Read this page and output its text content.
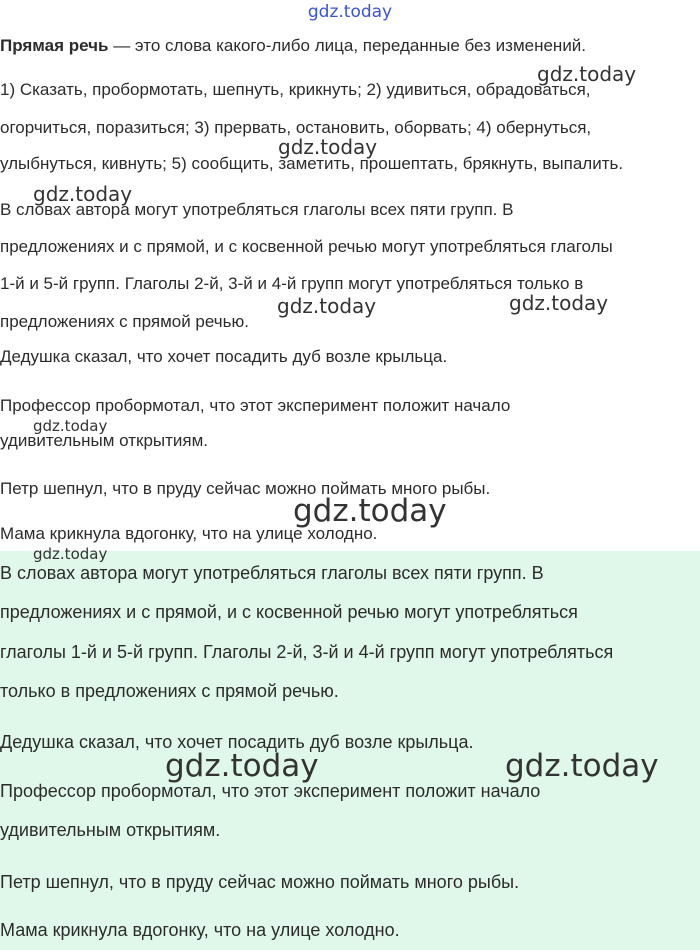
gdz.today

Прямая речь — это слова какого-либо лица, переданные без изменений.

1) Сказать, пробормотать, шепнуть, крикнуть; 2) удивиться, обрадоваться,

огорчиться, поразиться; 3) прервать, остановить, оборвать; 4) обернуться,

улыбнуться, кивнуть; 5) сообщить, заметить, прошептать, брякнуть, выпалить.

В словах автора могут употребляться глаголы всех пяти групп. В

предложениях и с прямой, и с косвенной речью могут употребляться глаголы

1-й и 5-й групп. Глаголы 2-й, 3-й и 4-й групп могут употребляться только в

предложениях с прямой речью.

Дедушка сказал, что хочет посадить дуб возле крыльца.

Профессор пробормотал, что этот эксперимент положит начало

удивительным открытиям.

Петр шепнул, что в пруду сейчас можно поймать много рыбы.

Мама крикнула вдогонку, что на улице холодно.

В словах автора могут употребляться глаголы всех пяти групп. В

предложениях и с прямой, и с косвенной речью могут употребляться

глаголы 1-й и 5-й групп. Глаголы 2-й, 3-й и 4-й групп могут употребляться

только в предложениях с прямой речью.

Дедушка сказал, что хочет посадить дуб возле крыльца.

Профессор пробормотал, что этот эксперимент положит начало

удивительным открытиям.

Петр шепнул, что в пруду сейчас можно поймать много рыбы.

Мама крикнула вдогонку, что на улице холодно.

gdz.today
gdz.today
gdz.today
gdz.today	gdz.today
gdz.today
gdz.today
gdz.today
gdz.today	gdz.today
